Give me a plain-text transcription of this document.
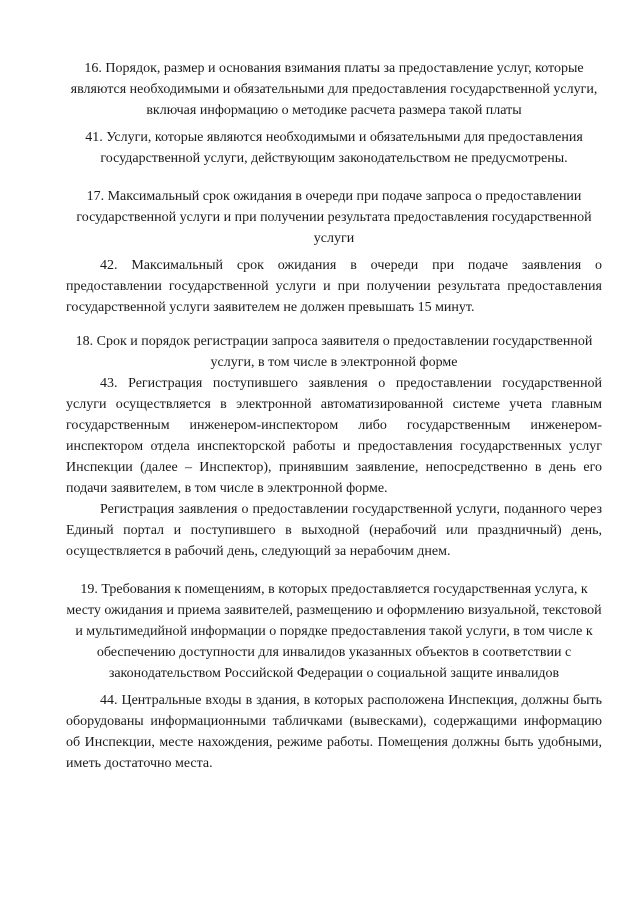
16. Порядок, размер и основания взимания платы за предоставление услуг, которые являются необходимыми и обязательными для предоставления государственной услуги, включая информацию о методике расчета размера такой платы

41. Услуги, которые являются необходимыми и обязательными для предоставления государственной услуги, действующим законодательством не предусмотрены.

17. Максимальный срок ожидания в очереди при подаче запроса о предоставлении государственной услуги и при получении результата предоставления государственной услуги

42. Максимальный срок ожидания в очереди при подаче заявления о предоставлении государственной услуги и при получении результата предоставления государственной услуги заявителем не должен превышать 15 минут.

18. Срок и порядок регистрации запроса заявителя о предоставлении государственной услуги, в том числе в электронной форме

43. Регистрация поступившего заявления о предоставлении государственной услуги осуществляется в электронной автоматизированной системе учета главным государственным инженером-инспектором либо государственным инженером-инспектором отдела инспекторской работы и предоставления государственных услуг Инспекции (далее – Инспектор), принявшим заявление, непосредственно в день его подачи заявителем, в том числе в электронной форме.

Регистрация заявления о предоставлении государственной услуги, поданного через Единый портал и поступившего в выходной (нерабочий или праздничный) день, осуществляется в рабочий день, следующий за нерабочим днем.

19. Требования к помещениям, в которых предоставляется государственная услуга, к месту ожидания и приема заявителей, размещению и оформлению визуальной, текстовой и мультимедийной информации о порядке предоставления такой услуги, в том числе к обеспечению доступности для инвалидов указанных объектов в соответствии с законодательством Российской Федерации о социальной защите инвалидов

44. Центральные входы в здания, в которых расположена Инспекция, должны быть оборудованы информационными табличками (вывесками), содержащими информацию об Инспекции, месте нахождения, режиме работы. Помещения должны быть удобными, иметь достаточно места.
